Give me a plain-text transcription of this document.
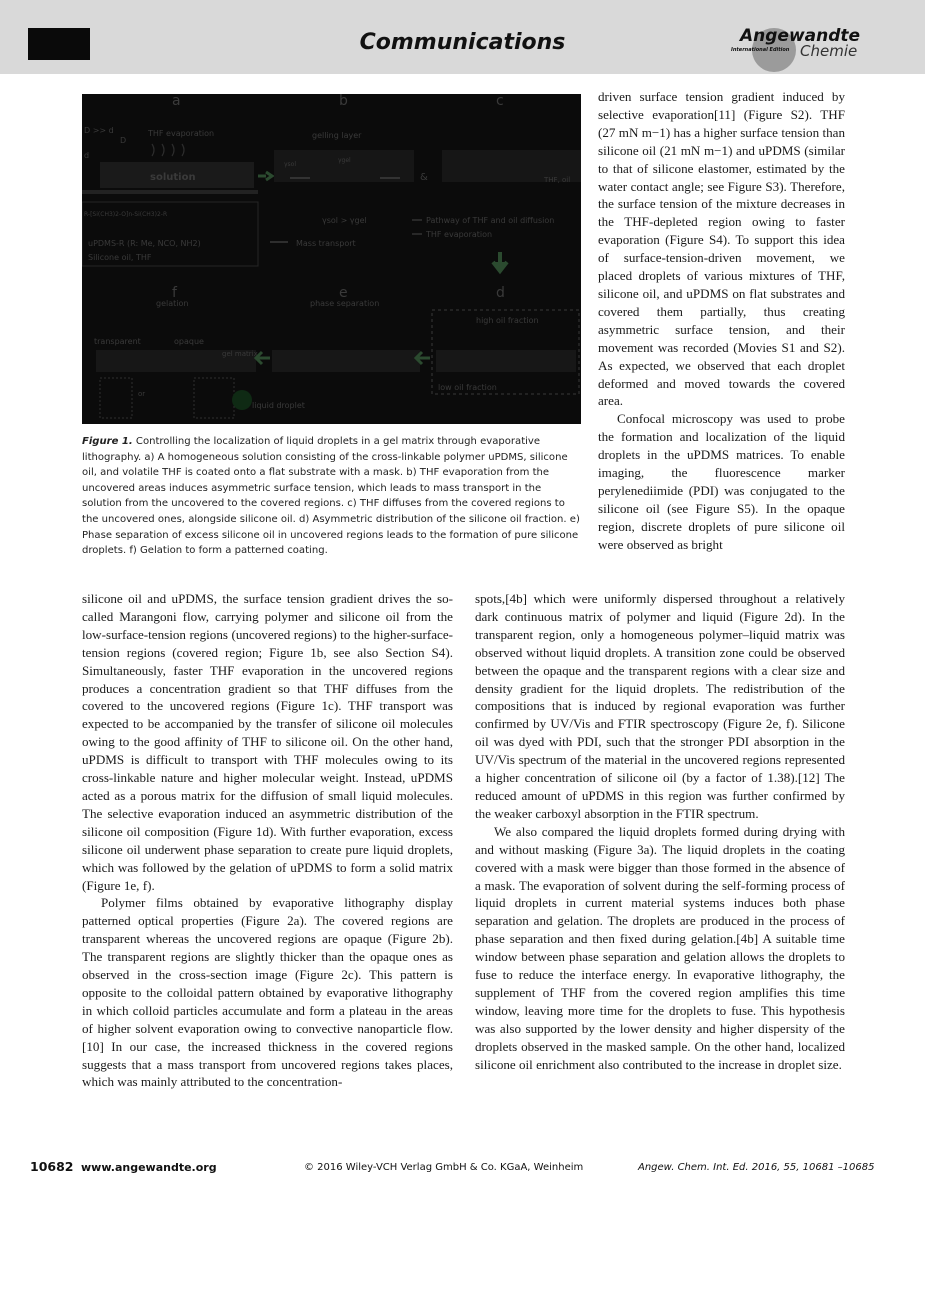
Communications	Angewandte
International Edition Chemie
a	b	c
d
e
f
D >> d
D
d
THF evaporation
solution
R-[Si(CH3)2-O]n-Si(CH3)2-R
uPDMS-R (R: Me, NCO, NH2)
Silicone oil, THF
gelling layer
γsol
γgel
&
γsol > γgel
Mass transport
THF, oil
Pathway of THF and oil diffusion
THF evaporation
high oil fraction
low oil fraction
phase separation
gelation
transparent	opaque
gel matrix
or
liquid droplet
Figure 1. Controlling the localization of liquid droplets in a gel matrix through evaporative lithography. a) A homogeneous solution consisting of the cross-linkable polymer uPDMS, silicone oil, and volatile THF is coated onto a flat substrate with a mask. b) THF evaporation from the uncovered areas induces asymmetric surface tension, which leads to mass transport in the solution from the uncovered to the covered regions. c) THF diffuses from the covered regions to the uncovered ones, alongside silicone oil. d) Asymmetric distribution of the silicone oil fraction. e) Phase separation of excess silicone oil in uncovered regions leads to the formation of pure silicone droplets. f) Gelation to form a patterned coating.

driven surface tension gradient induced by selective evaporation[11] (Figure S2). THF (27 mN m−1) has a higher surface tension than silicone oil (21 mN m−1) and uPDMS (similar to that of silicone elastomer, estimated by the water contact angle; see Figure S3). Therefore, the surface tension of the mixture decreases in the THF-depleted region owing to faster evaporation (Figure S4). To support this idea of surface-tension-driven movement, we placed droplets of various mixtures of THF, silicone oil, and uPDMS on flat substrates and covered them partially, thus creating asymmetric surface tension, and their movement was recorded (Movies S1 and S2). As expected, we observed that each droplet deformed and moved towards the covered area.

Confocal microscopy was used to probe the formation and localization of the liquid droplets in the uPDMS matrices. To enable imaging, the fluorescence marker perylenediimide (PDI) was conjugated to the silicone oil (see Figure S5). In the opaque region, discrete droplets of pure silicone oil were observed as bright

silicone oil and uPDMS, the surface tension gradient drives the so-called Marangoni flow, carrying polymer and silicone oil from the low-surface-tension regions (uncovered regions) to the higher-surface-tension regions (covered region; Figure 1b, see also Section S4). Simultaneously, faster THF evaporation in the uncovered regions produces a concentration gradient so that THF diffuses from the covered to the uncovered regions (Figure 1c). THF transport was expected to be accompanied by the transfer of silicone oil molecules owing to the good affinity of THF to silicone oil. On the other hand, uPDMS is difficult to transport with THF molecules owing to its cross-linkable nature and higher molecular weight. Instead, uPDMS acted as a porous matrix for the diffusion of small liquid molecules. The selective evaporation induced an asymmetric distribution of the silicone oil composition (Figure 1d). With further evaporation, excess silicone oil underwent phase separation to create pure liquid droplets, which was followed by the gelation of uPDMS to form a solid matrix (Figure 1e, f).

Polymer films obtained by evaporative lithography display patterned optical properties (Figure 2a). The covered regions are transparent whereas the uncovered regions are opaque (Figure 2b). The transparent regions are slightly thicker than the opaque ones as observed in the cross-section image (Figure 2c). This pattern is opposite to the colloidal pattern obtained by evaporative lithography in which colloid particles accumulate and form a plateau in the areas of higher solvent evaporation owing to convective nanoparticle flow.[10] In our case, the increased thickness in the covered regions suggests that a mass transport from uncovered regions takes places, which was mainly attributed to the concentration-

spots,[4b] which were uniformly dispersed throughout a relatively dark continuous matrix of polymer and liquid (Figure 2d). In the transparent region, only a homogeneous polymer–liquid matrix was observed without liquid droplets. A transition zone could be observed between the opaque and the transparent regions with a clear size and density gradient for the liquid droplets. The redistribution of the compositions that is induced by regional evaporation was further confirmed by UV/Vis and FTIR spectroscopy (Figure 2e, f). Silicone oil was dyed with PDI, such that the stronger PDI absorption in the UV/Vis spectrum of the material in the uncovered regions represented a higher concentration of silicone oil (by a factor of 1.38).[12] The reduced amount of uPDMS in this region was further confirmed by the weaker carboxyl absorption in the FTIR spectrum.

We also compared the liquid droplets formed during drying with and without masking (Figure 3a). The liquid droplets in the coating covered with a mask were bigger than those formed in the absence of a mask. The evaporation of solvent during the self-forming process of liquid droplets in current material systems induces both phase separation and gelation. The droplets are produced in the process of phase separation and then fixed during gelation.[4b] A suitable time window between phase separation and gelation allows the droplets to fuse to reduce the interface energy. In evaporative lithography, the supplement of THF from the covered region amplifies this time window, leaving more time for the droplets to fuse. This hypothesis was also supported by the lower density and higher dispersity of the droplets observed in the masked sample. On the other hand, localized silicone oil enrichment also contributed to the increase in droplet size.

10682 www.angewandte.org	© 2016 Wiley-VCH Verlag GmbH & Co. KGaA, Weinheim	Angew. Chem. Int. Ed. 2016, 55, 10681 –10685
